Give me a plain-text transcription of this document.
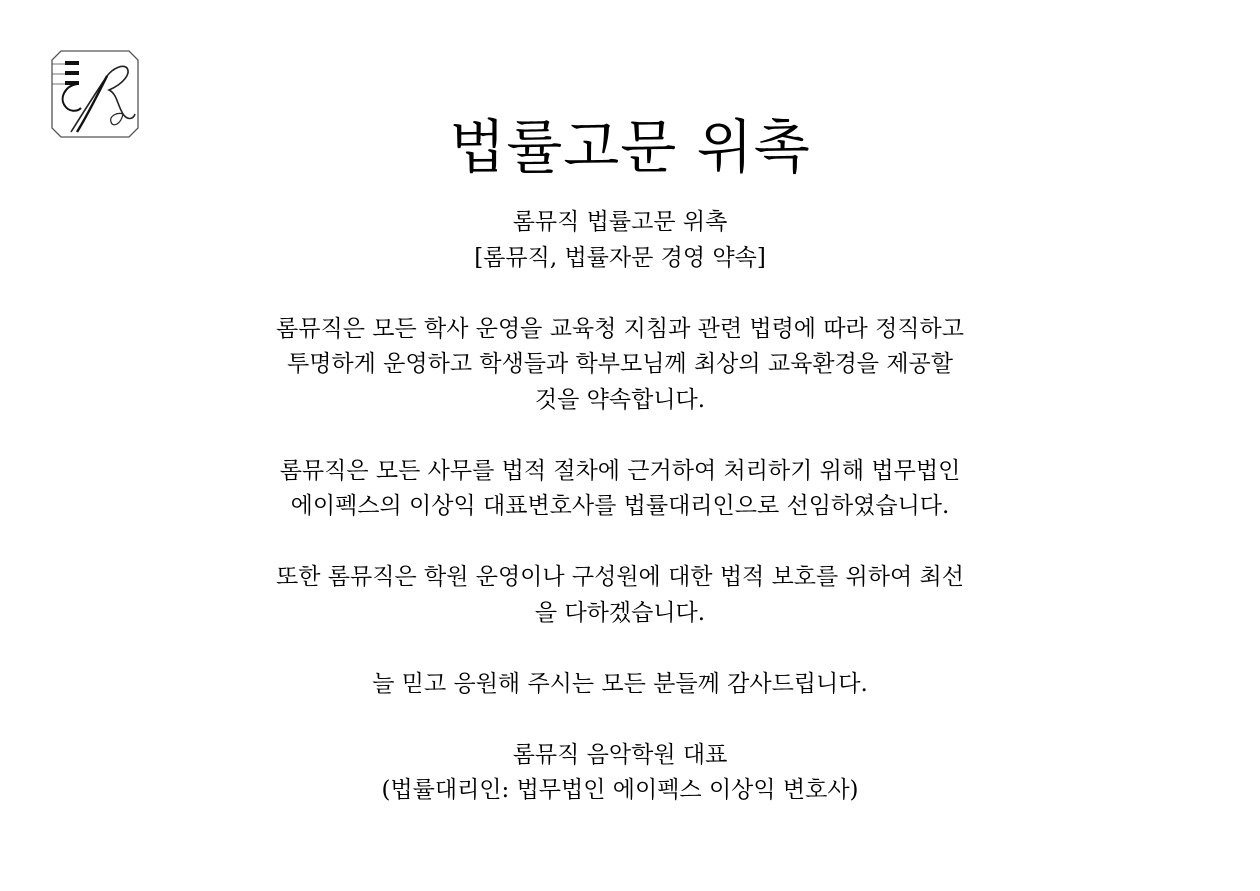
법률고문 위촉

롬뮤직 법률고문 위촉

[롬뮤직, 법률자문 경영 약속]

롬뮤직은 모든 학사 운영을 교육청 지침과 관련 법령에 따라 정직하고

투명하게 운영하고 학생들과 학부모님께 최상의 교육환경을 제공할

것을 약속합니다.

롬뮤직은 모든 사무를 법적 절차에 근거하여 처리하기 위해 법무법인

에이펙스의 이상익 대표변호사를 법률대리인으로 선임하였습니다.

또한 롬뮤직은 학원 운영이나 구성원에 대한 법적 보호를 위하여 최선

을 다하겠습니다.

늘 믿고 응원해 주시는 모든 분들께 감사드립니다.

롬뮤직 음악학원 대표

(법률대리인: 법무법인 에이펙스 이상익 변호사)
